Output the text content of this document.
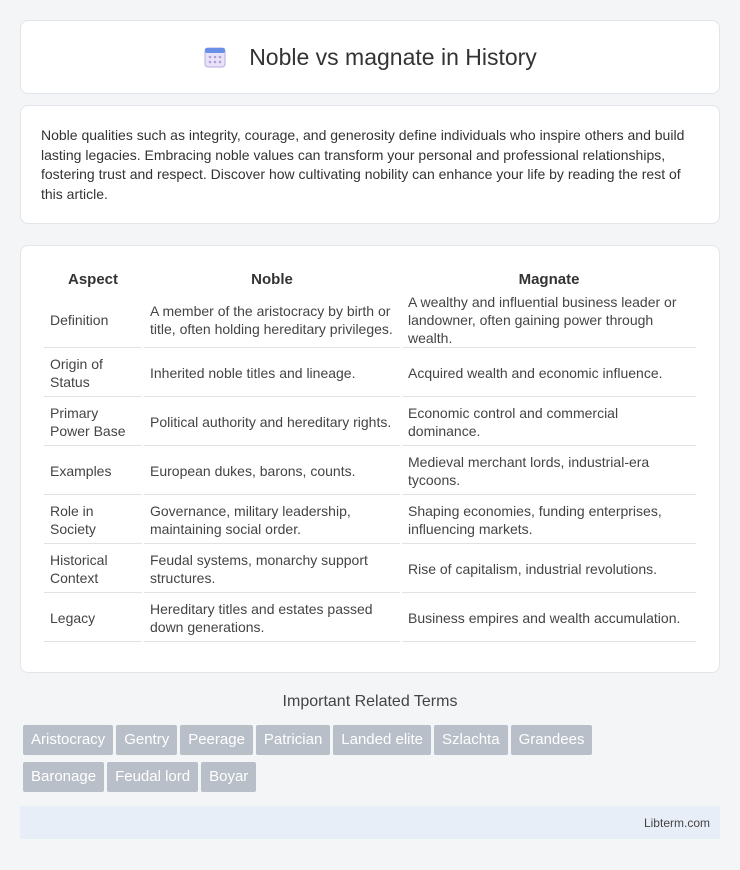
Noble vs magnate in History

Noble qualities such as integrity, courage, and generosity define individuals who inspire others and build lasting legacies. Embracing noble values can transform your personal and professional relationships, fostering trust and respect. Discover how cultivating nobility can enhance your life by reading the rest of this article.

Aspect	Noble	Magnate
Definition	A member of the aristocracy by birth or title, often holding hereditary privileges.	A wealthy and influential business leader or landowner, often gaining power through wealth.
Origin of Status	Inherited noble titles and lineage.	Acquired wealth and economic influence.
Primary Power Base	Political authority and hereditary rights.	Economic control and commercial dominance.
Examples	European dukes, barons, counts.	Medieval merchant lords, industrial-era tycoons.
Role in Society	Governance, military leadership, maintaining social order.	Shaping economies, funding enterprises, influencing markets.
Historical Context	Feudal systems, monarchy support structures.	Rise of capitalism, industrial revolutions.
Legacy	Hereditary titles and estates passed down generations.	Business empires and wealth accumulation.
Important Related Terms
Aristocracy Gentry Peerage Patrician Landed elite Szlachta Grandees
Baronage Feudal lord Boyar
Libterm.com
